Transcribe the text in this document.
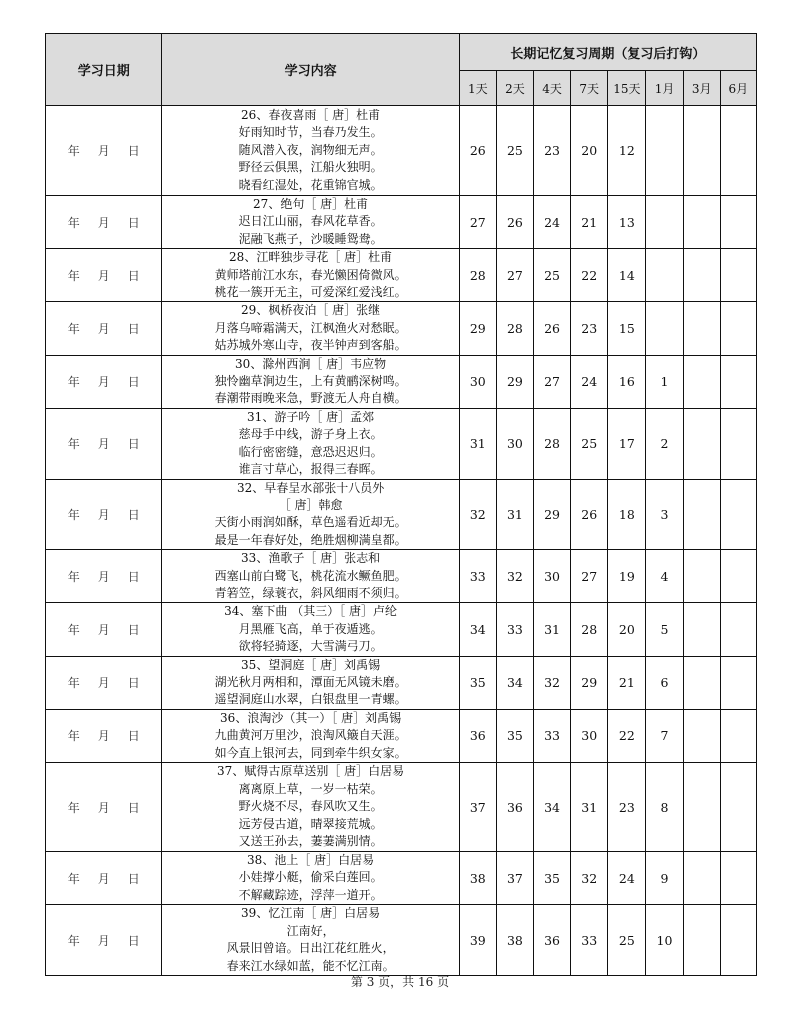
学习日期	学习内容	长期记忆复习周期（复习后打钩）							
		1天	2天	4天	7天	15天	1月	3月	6月
年 月 日	26、春夜喜雨［ 唐］杜甫
好雨知时节，当春乃发生。
随风潜入夜，润物细无声。
野径云俱黑，江船火独明。
晓看红湿处，花重锦官城。	26	25	23	20	12			
年 月 日	27、绝句［ 唐］杜甫
迟日江山丽，春风花草香。
泥融飞燕子，沙暖睡鸳鸯。	27	26	24	21	13			
年 月 日	28、江畔独步寻花［ 唐］杜甫
黄师塔前江水东，春光懒困倚微风。
桃花一簇开无主，可爱深红爱浅红。	28	27	25	22	14			
年 月 日	29、枫桥夜泊［ 唐］张继
月落乌啼霜满天，江枫渔火对愁眠。
姑苏城外寒山寺，夜半钟声到客船。	29	28	26	23	15			
年 月 日	30、滁州西涧［ 唐］韦应物
独怜幽草涧边生，上有黄鹂深树鸣。
春潮带雨晚来急，野渡无人舟自横。	30	29	27	24	16	1		
年 月 日	31、游子吟［ 唐］孟郊
慈母手中线，游子身上衣。
临行密密缝，意恐迟迟归。
谁言寸草心，报得三春晖。	31	30	28	25	17	2		
年 月 日	32、早春呈水部张十八员外
［ 唐］韩愈
天街小雨润如酥，草色遥看近却无。
最是一年春好处，绝胜烟柳满皇都。	32	31	29	26	18	3		
年 月 日	33、渔歌子［ 唐］张志和
西塞山前白鹭飞，桃花流水鳜鱼肥。
青箬笠，绿蓑衣，斜风细雨不须归。	33	32	30	27	19	4		
年 月 日	34、塞下曲 （其三）［ 唐］卢纶
月黑雁飞高，单于夜遁逃。
欲将轻骑逐，大雪满弓刀。	34	33	31	28	20	5		
年 月 日	35、望洞庭［ 唐］刘禹锡
湖光秋月两相和，潭面无风镜未磨。
遥望洞庭山水翠，白银盘里一青螺。	35	34	32	29	21	6		
年 月 日	36、浪淘沙（其一）［ 唐］刘禹锡
九曲黄河万里沙，浪淘风簸自天涯。
如今直上银河去，同到牵牛织女家。	36	35	33	30	22	7		
年 月 日	37、赋得古原草送别［ 唐］白居易
离离原上草，一岁一枯荣。
野火烧不尽，春风吹又生。
远芳侵古道，晴翠接荒城。
又送王孙去，萋萋满别情。	37	36	34	31	23	8		
年 月 日	38、池上［ 唐］白居易
小娃撑小艇，偷采白莲回。
不解藏踪迹，浮萍一道开。	38	37	35	32	24	9		
年 月 日	39、忆江南［ 唐］白居易
江南好，
风景旧曾谙。日出江花红胜火，
春来江水绿如蓝，能不忆江南。	39	38	36	33	25	10		
第 3 页，共 16 页
